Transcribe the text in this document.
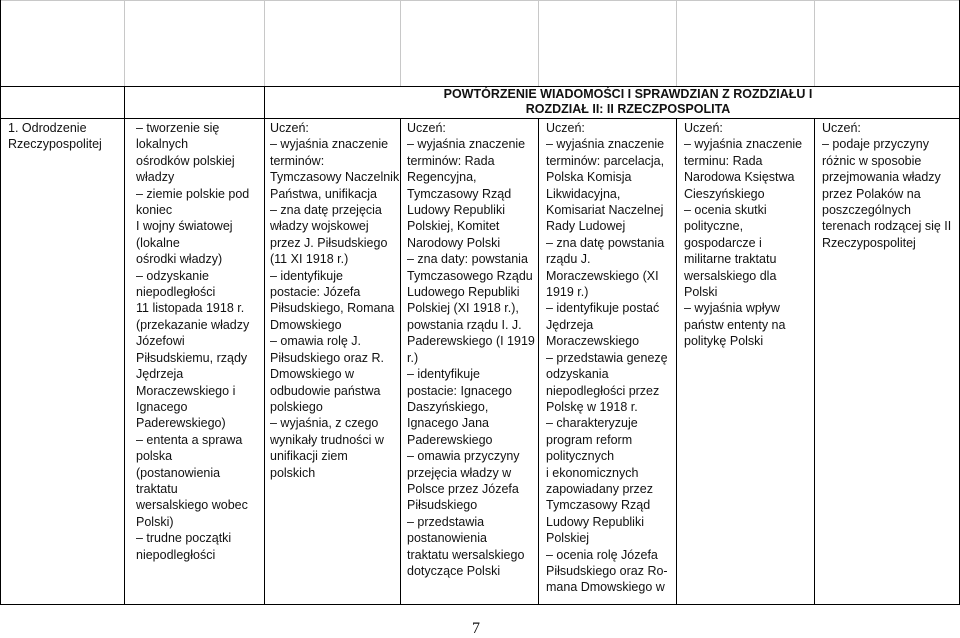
POWTÓRZENIE WIADOMOŚCI I SPRAWDZIAN Z ROZDZIAŁU I
ROZDZIAŁ II: II RZECZPOSPOLITA
1. Odrodzenie
Rzeczypospolitej
– tworzenie się
lokalnych
ośrodków polskiej
władzy
– ziemie polskie pod
koniec
I wojny światowej
(lokalne
ośrodki władzy)
– odzyskanie
niepodległości
11 listopada 1918 r.
(przekazanie władzy
Józefowi
Piłsudskiemu, rządy
Jędrzeja
Moraczewskiego i
Ignacego
Paderewskiego)
– ententa a sprawa
polska
(postanowienia
traktatu
wersalskiego wobec
Polski)
– trudne początki
niepodległości
Uczeń:
– wyjaśnia znaczenie
terminów:
Tymczasowy Naczelnik
Państwa, unifikacja
– zna datę przejęcia
władzy wojskowej
przez J. Piłsudskiego
(11 XI 1918 r.)
– identyfikuje
postacie: Józefa
Piłsudskiego, Romana
Dmowskiego
– omawia rolę J.
Piłsudskiego oraz R.
Dmowskiego w
odbudowie państwa
polskiego
– wyjaśnia, z czego
wynikały trudności w
unifikacji ziem
polskich
Uczeń:
– wyjaśnia znaczenie
terminów: Rada
Regencyjna,
Tymczasowy Rząd
Ludowy Republiki
Polskiej, Komitet
Narodowy Polski
– zna daty: powstania
Tymczasowego Rządu
Ludowego Republiki
Polskiej (XI 1918 r.),
powstania rządu I. J.
Paderewskiego (I 1919
r.)
– identyfikuje
postacie: Ignacego
Daszyńskiego,
Ignacego Jana
Paderewskiego
– omawia przyczyny
przejęcia władzy w
Polsce przez Józefa
Piłsudskiego
– przedstawia
postanowienia
traktatu wersalskiego
dotyczące Polski
Uczeń:
– wyjaśnia znaczenie
terminów: parcelacja,
Polska Komisja
Likwidacyjna,
Komisariat Naczelnej
Rady Ludowej
– zna datę powstania
rządu J.
Moraczewskiego (XI
1919 r.)
– identyfikuje postać
Jędrzeja
Moraczewskiego
– przedstawia genezę
odzyskania
niepodległości przez
Polskę w 1918 r.
– charakteryzuje
program reform
politycznych
i ekonomicznych
zapowiadany przez
Tymczasowy Rząd
Ludowy Republiki
Polskiej
– ocenia rolę Józefa
Piłsudskiego oraz Ro-
mana Dmowskiego w
Uczeń:
– wyjaśnia znaczenie
terminu: Rada
Narodowa Księstwa
Cieszyńskiego
– ocenia skutki
polityczne,
gospodarcze i
militarne traktatu
wersalskiego dla
Polski
– wyjaśnia wpływ
państw ententy na
politykę Polski
Uczeń:
– podaje przyczyny
różnic w sposobie
przejmowania władzy
przez Polaków na
poszczególnych
terenach rodzącej się II
Rzeczypospolitej
7
